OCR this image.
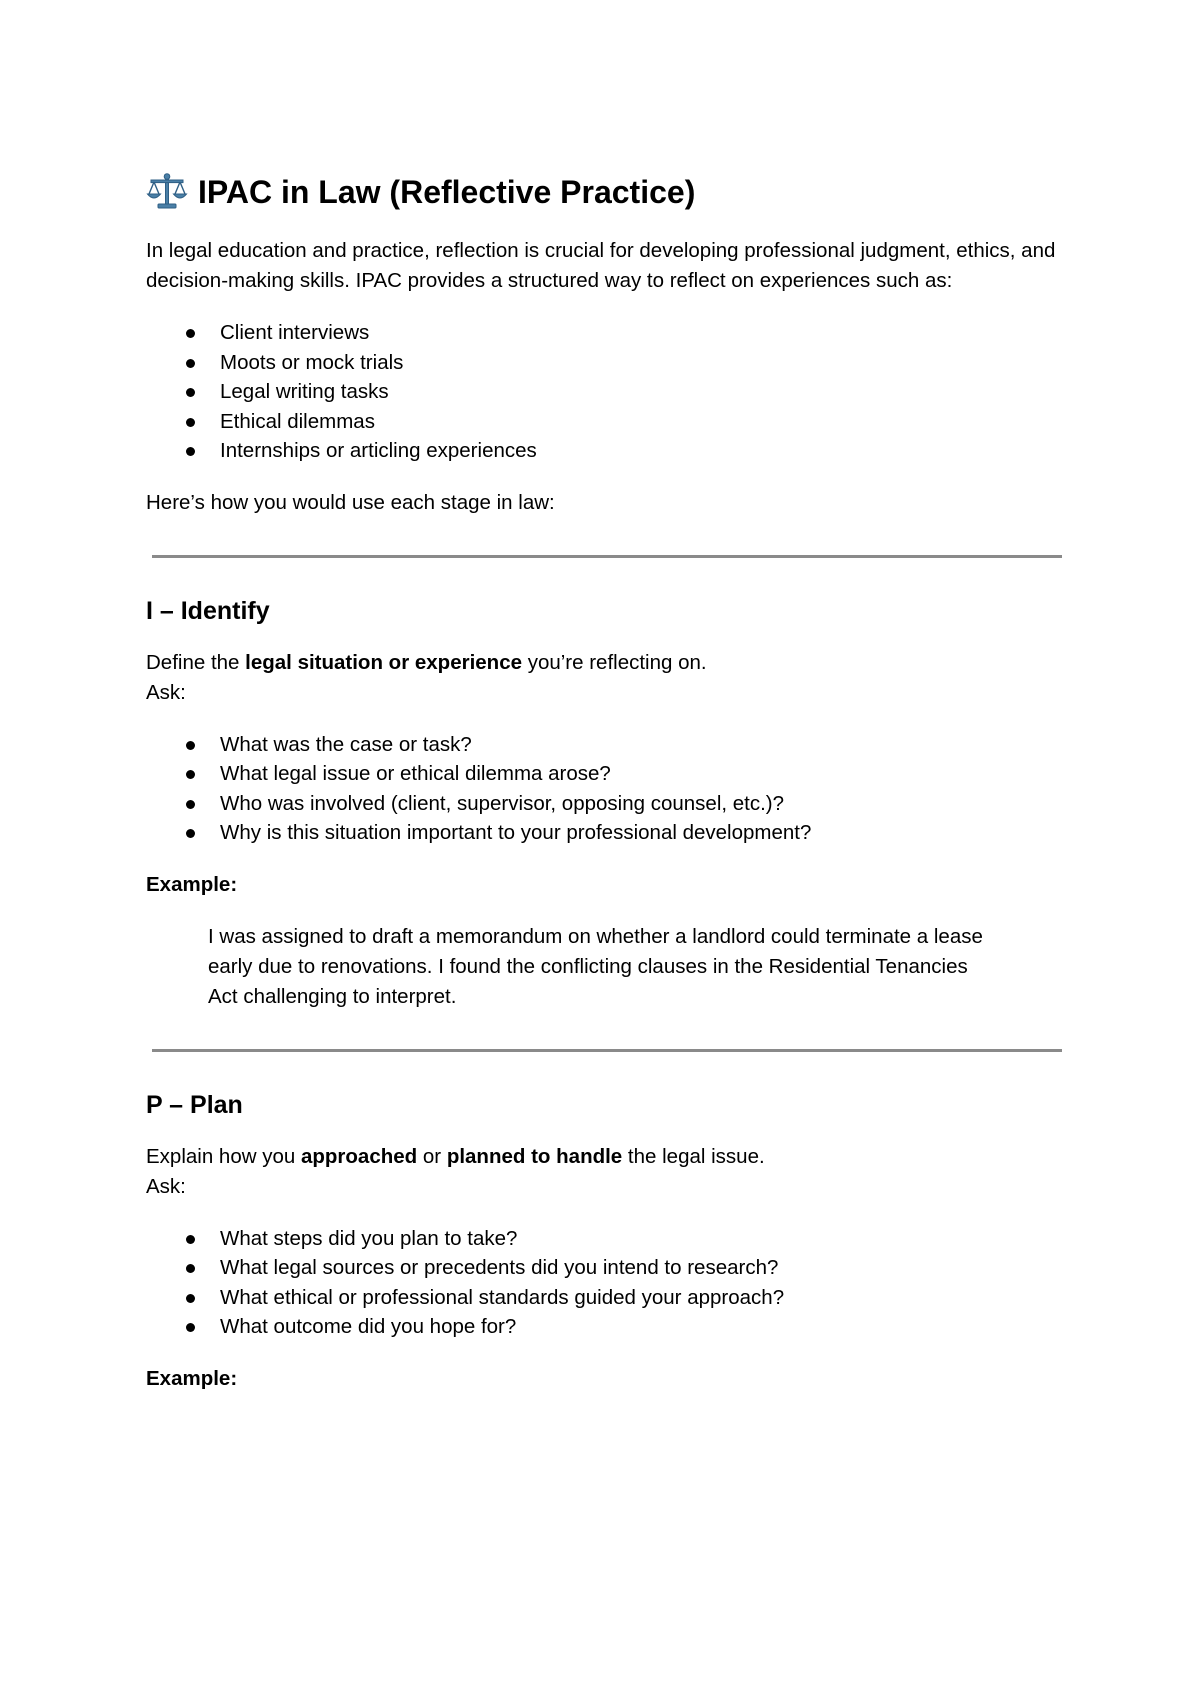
IPAC in Law (Reflective Practice)

In legal education and practice, reflection is crucial for developing professional judgment, ethics, and decision-making skills. IPAC provides a structured way to reflect on experiences such as:

Client interviews
Moots or mock trials
Legal writing tasks
Ethical dilemmas
Internships or articling experiences

Here’s how you would use each stage in law:

I – Identify

Define the legal situation or experience you’re reflecting on.

Ask:

What was the case or task?
What legal issue or ethical dilemma arose?
Who was involved (client, supervisor, opposing counsel, etc.)?
Why is this situation important to your professional development?

Example:

I was assigned to draft a memorandum on whether a landlord could terminate a lease early due to renovations. I found the conflicting clauses in the Residential Tenancies Act challenging to interpret.

P – Plan

Explain how you approached or planned to handle the legal issue.

Ask:

What steps did you plan to take?
What legal sources or precedents did you intend to research?
What ethical or professional standards guided your approach?
What outcome did you hope for?

Example:
